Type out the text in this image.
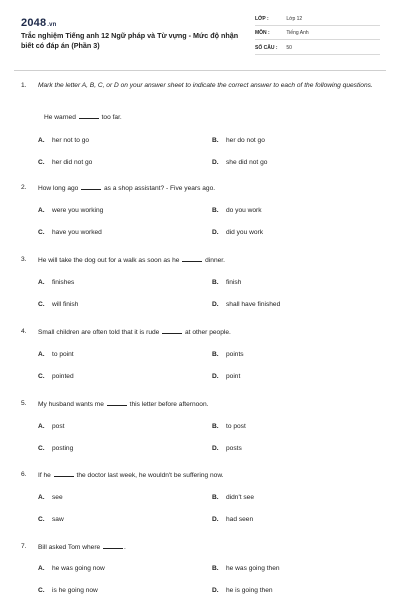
2048.vn
Trắc nghiệm Tiếng anh 12 Ngữ pháp và Từ vựng - Mức độ nhận biết có đáp án (Phần 3)
LỚP :	Lớp 12
MÔN :	Tiếng Anh
SỐ CÂU : 50
1. Mark the letter A, B, C, or D on your answer sheet to indicate the correct answer to each of the following questions.
He warned	too far.
A. her not to go	B. her do not go
C. her did not go	D. she did not go
2. How long ago	as a shop assistant? - Five years ago.
A. were you working	B. do you work
C. have you worked	D. did you work
3. He will take the dog out for a walk as soon as he	dinner.
A. finishes	B. finish
C. will finish	D. shall have finished
4. Small children are often told that it is rude	at other people.
A. to point	B. points
C. pointed	D. point
5. My husband wants me	this letter before afternoon.
A. post	B. to post
C. posting	D. posts
6. If he	the doctor last week, he wouldn't be suffering now.
A. see	B. didn't see
C. saw	D. had seen
7. Bill asked Tom where	.
A. he was going now	B. he was going then
C. is he going now	D. he is going then
